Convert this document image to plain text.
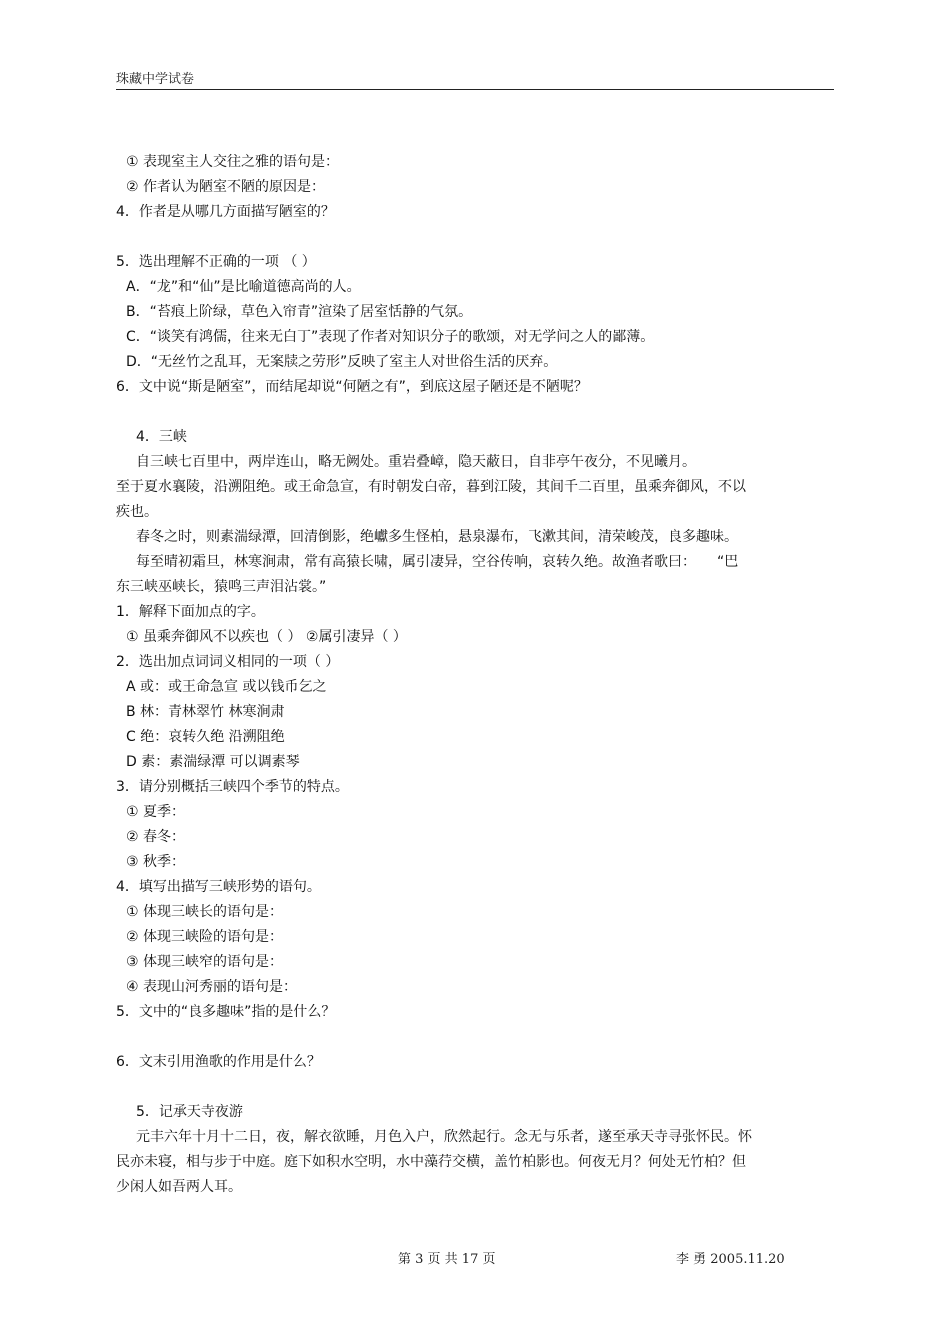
珠藏中学试卷
① 表现室主人交往之雅的语句是：
② 作者认为陋室不陋的原因是：
4．作者是从哪几方面描写陋室的？
5．选出理解不正确的一项 （ ）
A．“龙”和“仙”是比喻道德高尚的人。
B．“苔痕上阶绿，草色入帘青”渲染了居室恬静的气氛。
C．“谈笑有鸿儒，往来无白丁”表现了作者对知识分子的歌颂，对无学问之人的鄙薄。
D．“无丝竹之乱耳，无案牍之劳形”反映了室主人对世俗生活的厌弃。
6．文中说“斯是陋室”，而结尾却说“何陋之有”，到底这屋子陋还是不陋呢？
4．三峡
自三峡七百里中，两岸连山，略无阙处。重岩叠嶂，隐天蔽日，自非亭午夜分，不见曦月。
至于夏水襄陵，沿溯阻绝。或王命急宣，有时朝发白帝，暮到江陵，其间千二百里，虽乘奔御风，不以
疾也。
春冬之时，则素湍绿潭，回清倒影，绝巘多生怪柏，悬泉瀑布，飞漱其间，清荣峻茂，良多趣味。
每至晴初霜旦，林寒涧肃，常有高猿长啸，属引凄异，空谷传响，哀转久绝。故渔者歌曰：　　“巴
东三峡巫峡长，猿鸣三声泪沾裳。”
1．解释下面加点的字。
① 虽乘奔御风不以疾也（ ） ②属引凄异（ ）
2．选出加点词词义相同的一项（ ）
A 或：或王命急宣 或以钱币乞之
B 林：青林翠竹 林寒涧肃
C 绝：哀转久绝 沿溯阻绝
D 素：素湍绿潭 可以调素琴
3．请分别概括三峡四个季节的特点。
① 夏季：
② 春冬：
③ 秋季：
4．填写出描写三峡形势的语句。
① 体现三峡长的语句是：
② 体现三峡险的语句是：
③ 体现三峡窄的语句是：
④ 表现山河秀丽的语句是：
5．文中的“良多趣味”指的是什么？
6．文末引用渔歌的作用是什么？
5．记承天寺夜游
元丰六年十月十二日，夜，解衣欲睡，月色入户，欣然起行。念无与乐者，遂至承天寺寻张怀民。怀
民亦未寝，相与步于中庭。庭下如积水空明，水中藻荇交横，盖竹柏影也。何夜无月？何处无竹柏？但
少闲人如吾两人耳。
第 3 页 共 17 页	李 勇 2005.11.20
